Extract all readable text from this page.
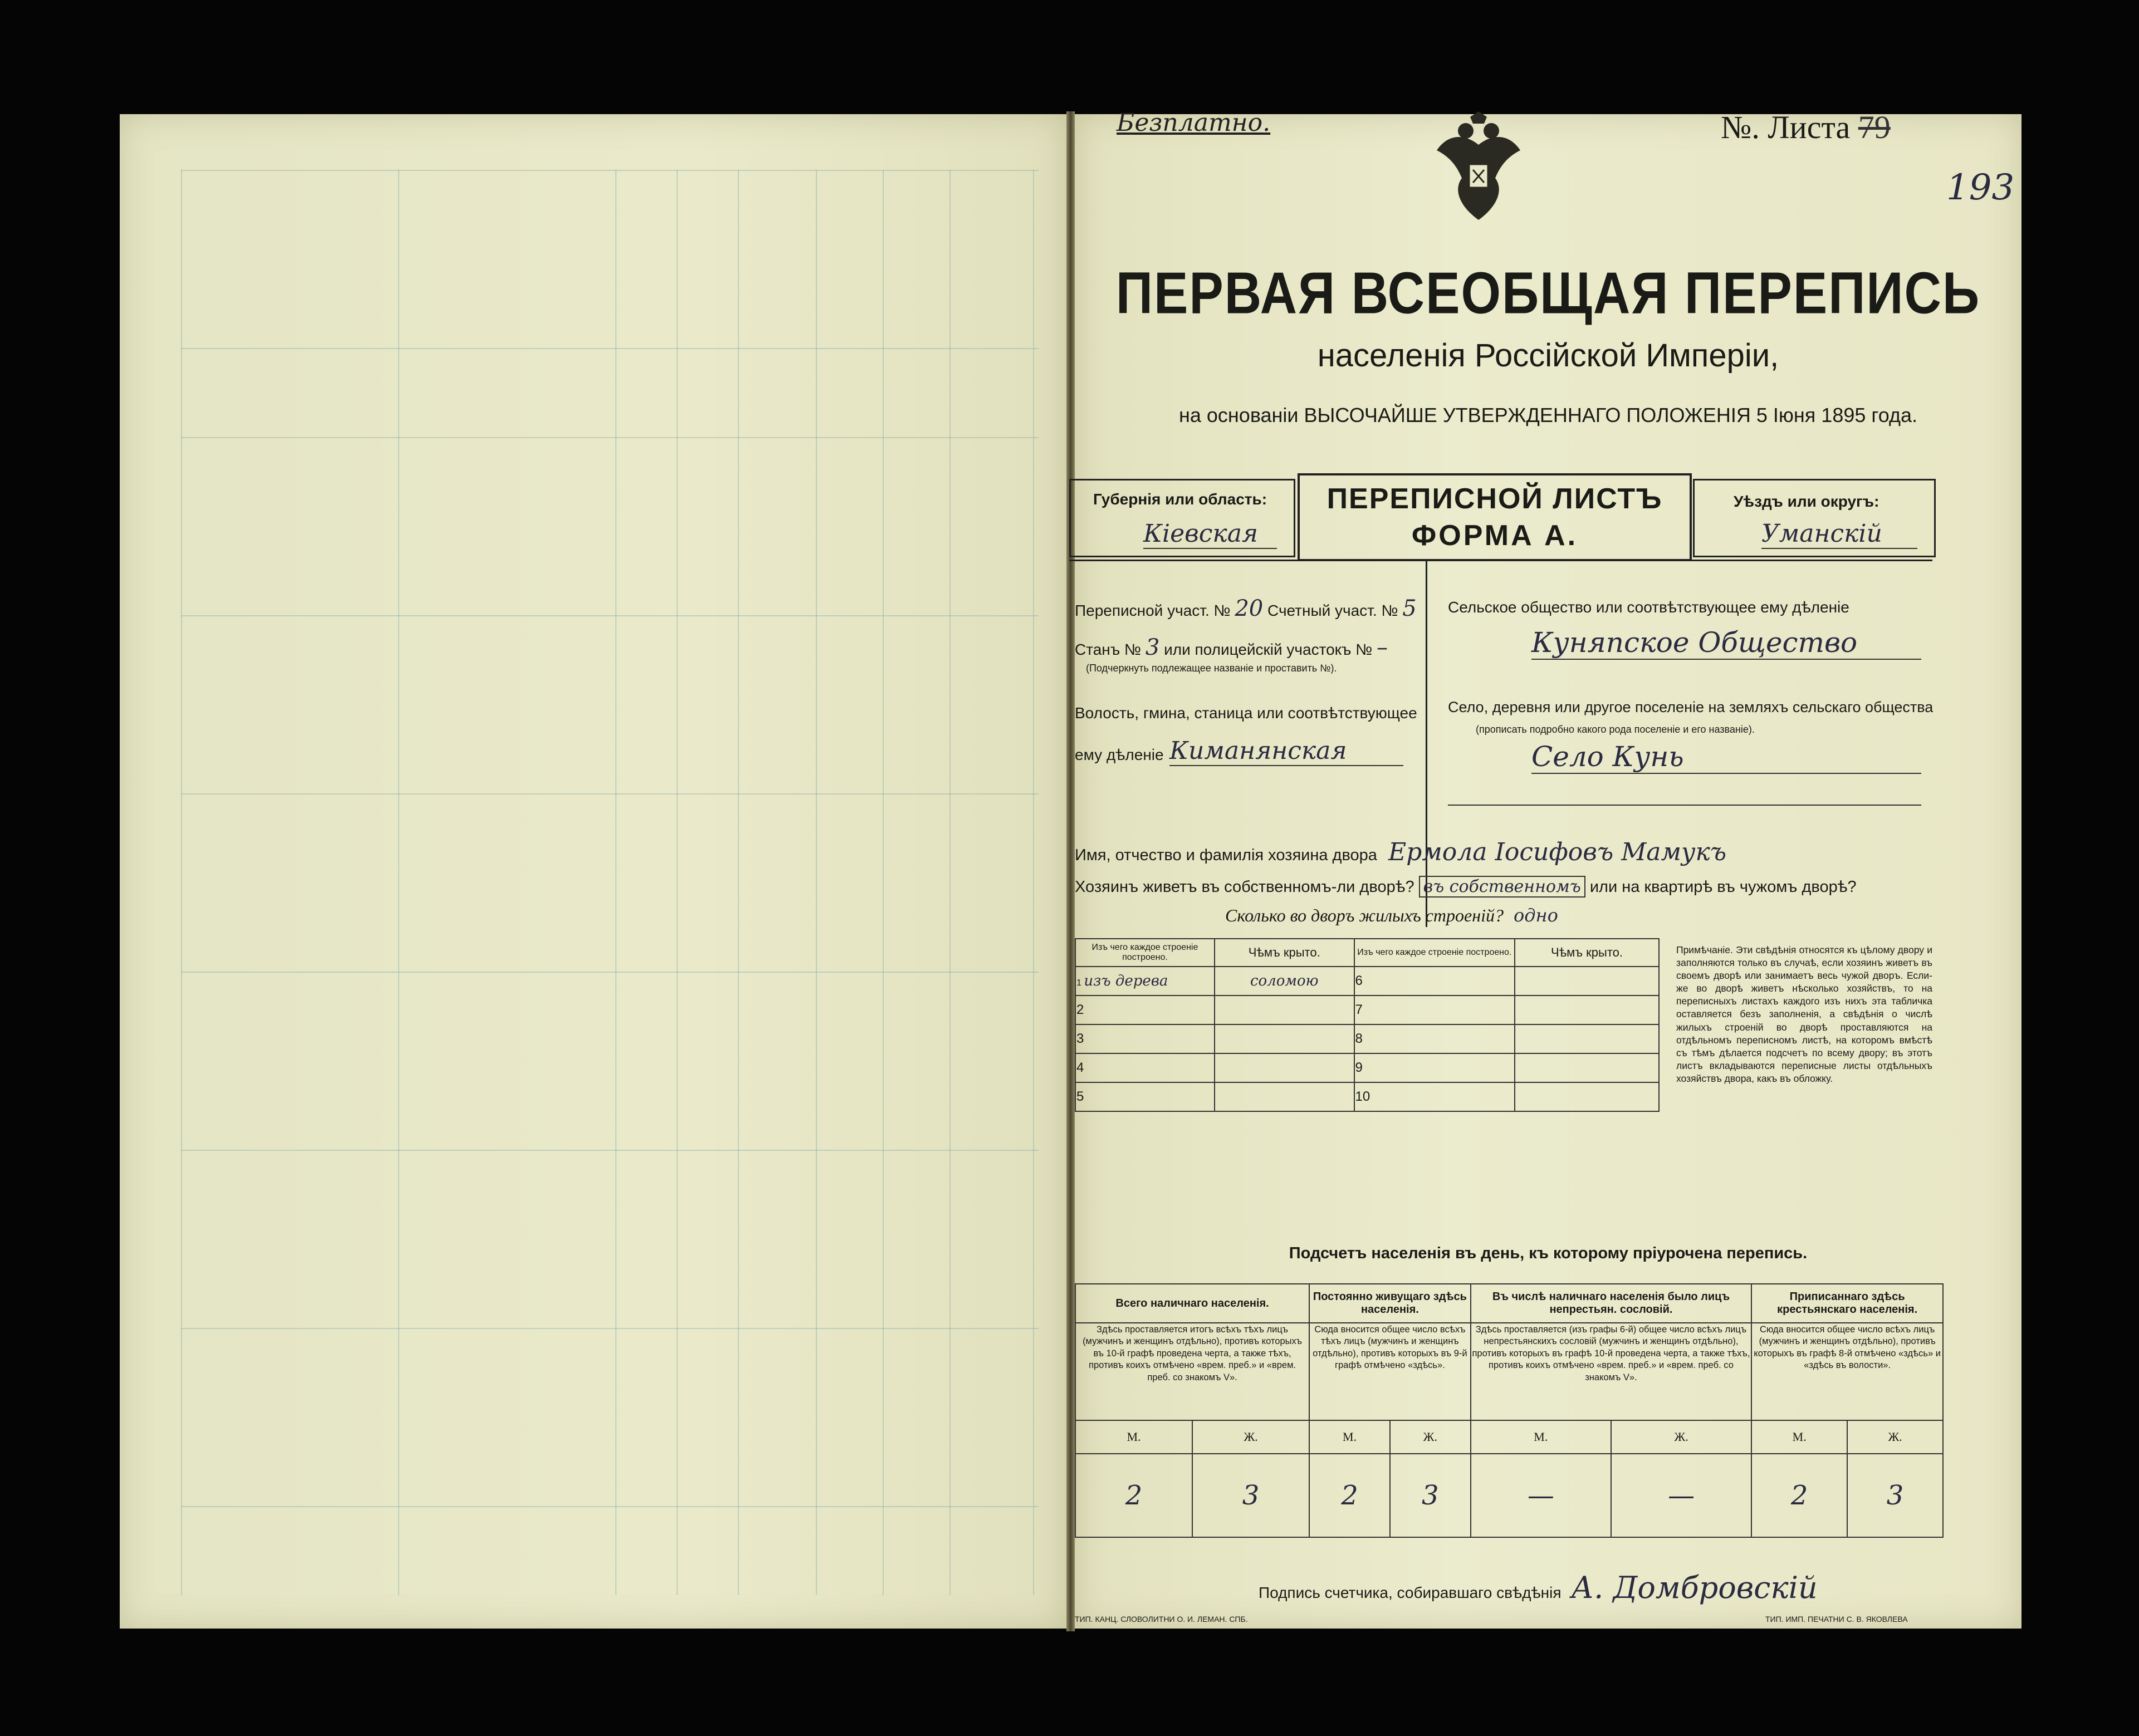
Безплатно.	№. Листа 79
193
ПЕРВАЯ ВСЕОБЩАЯ ПЕРЕПИСЬ
населенія Россійской Имперіи,
на основаніи ВЫСОЧАЙШЕ УТВЕРЖДЕННАГО ПОЛОЖЕНІЯ 5 Іюня 1895 года.
Губернія или область:
Кіевская
ПЕРЕПИСНОЙ ЛИСТЪ
ФОРМА А.
Уѣздъ или округъ:
Уманскій
Переписной участ. № 20 Счетный участ. № 5
Станъ № 3 или полицейскій участокъ № –
(Подчеркнуть подлежащее названіе и проставить №).
Волость, гмина, станица или соотвѣтствующее
ему дѣленіе Киманянская
Сельское общество или соотвѣтствующее ему дѣленіе
Куняпское Общество
Село, деревня или другое поселеніе на земляхъ сельскаго общества
(прописать подробно какого рода поселеніе и его названіе).
Село Кунь
Имя, отчество и фамилія хозяина двора Ермола Іосифовъ Мамукъ
Хозяинъ живетъ въ собственномъ-ли дворѣ? въ собственномъ или на квартирѣ въ чужомъ дворѣ?
Сколько во дворъ жилыхъ строеній? одно
Изъ чего каждое строеніе построено.	Чѣмъ крыто.	Изъ чего каждое строеніе построено.	Чѣмъ крыто.
1 изъ дерева	соломою	6	
2		7	
3		8	
4		9	
5		10	
Примѣчаніе. Эти свѣдѣнія относятся къ цѣлому двору и заполняются только въ случаѣ, если хозяинъ живетъ въ своемъ дворѣ или занимаетъ весь чужой дворъ. Если-же во дворѣ живетъ нѣсколько хозяйствъ, то на переписныхъ листахъ каждого изъ нихъ эта табличка оставляется безъ заполненія, а свѣдѣнія о числѣ жилыхъ строеній во дворѣ проставляются на отдѣльномъ переписномъ листѣ, на которомъ вмѣстѣ съ тѣмъ дѣлается подсчетъ по всему двору; въ этотъ листъ вкладываются переписные листы отдѣльныхъ хозяйствъ двора, какъ въ обложку.
Подсчетъ населенія въ день, къ которому пріурочена перепись.
Всего наличнаго населенія.		Постоянно живущаго здѣсь населенія.		Въ числѣ наличнаго населенія было лицъ непрестьян. сословій.		Приписаннаго здѣсь крестьянскаго населенія.	
Здѣсь проставляется итогъ всѣхъ тѣхъ лицъ (мужчинъ и женщинъ отдѣльно), противъ которыхъ въ 10-й графѣ проведена черта, а также тѣхъ, противъ коихъ отмѣчено «врем. преб.» и «врем. преб. со знакомъ V».		Сюда вносится общее число всѣхъ тѣхъ лицъ (мужчинъ и женщинъ отдѣльно), противъ которыхъ въ 9-й графѣ отмѣчено «здѣсь».		Здѣсь проставляется (изъ графы 6-й) общее число всѣхъ лицъ непрестьянскихъ сословій (мужчинъ и женщинъ отдѣльно), противъ которыхъ въ графѣ 10-й проведена черта, а также тѣхъ, противъ коихъ отмѣчено «врем. преб.» и «врем. преб. со знакомъ V».		Сюда вносится общее число всѣхъ лицъ (мужчинъ и женщинъ отдѣльно), противъ которыхъ въ графѣ 8-й отмѣчено «здѣсь» и «здѣсь въ волости».	
М.	Ж.	М.	Ж.	М.	Ж.	М.	Ж.
2	3	2	3	—	—	2	3
Подпись счетчика, собиравшаго свѣдѣнія А. Домбровскій
ТИП. КАНЦ. СЛОВОЛИТНИ О. И. ЛЕМАН. СПБ.	ТИП. ИМП. ПЕЧАТНИ С. В. ЯКОВЛЕВА
